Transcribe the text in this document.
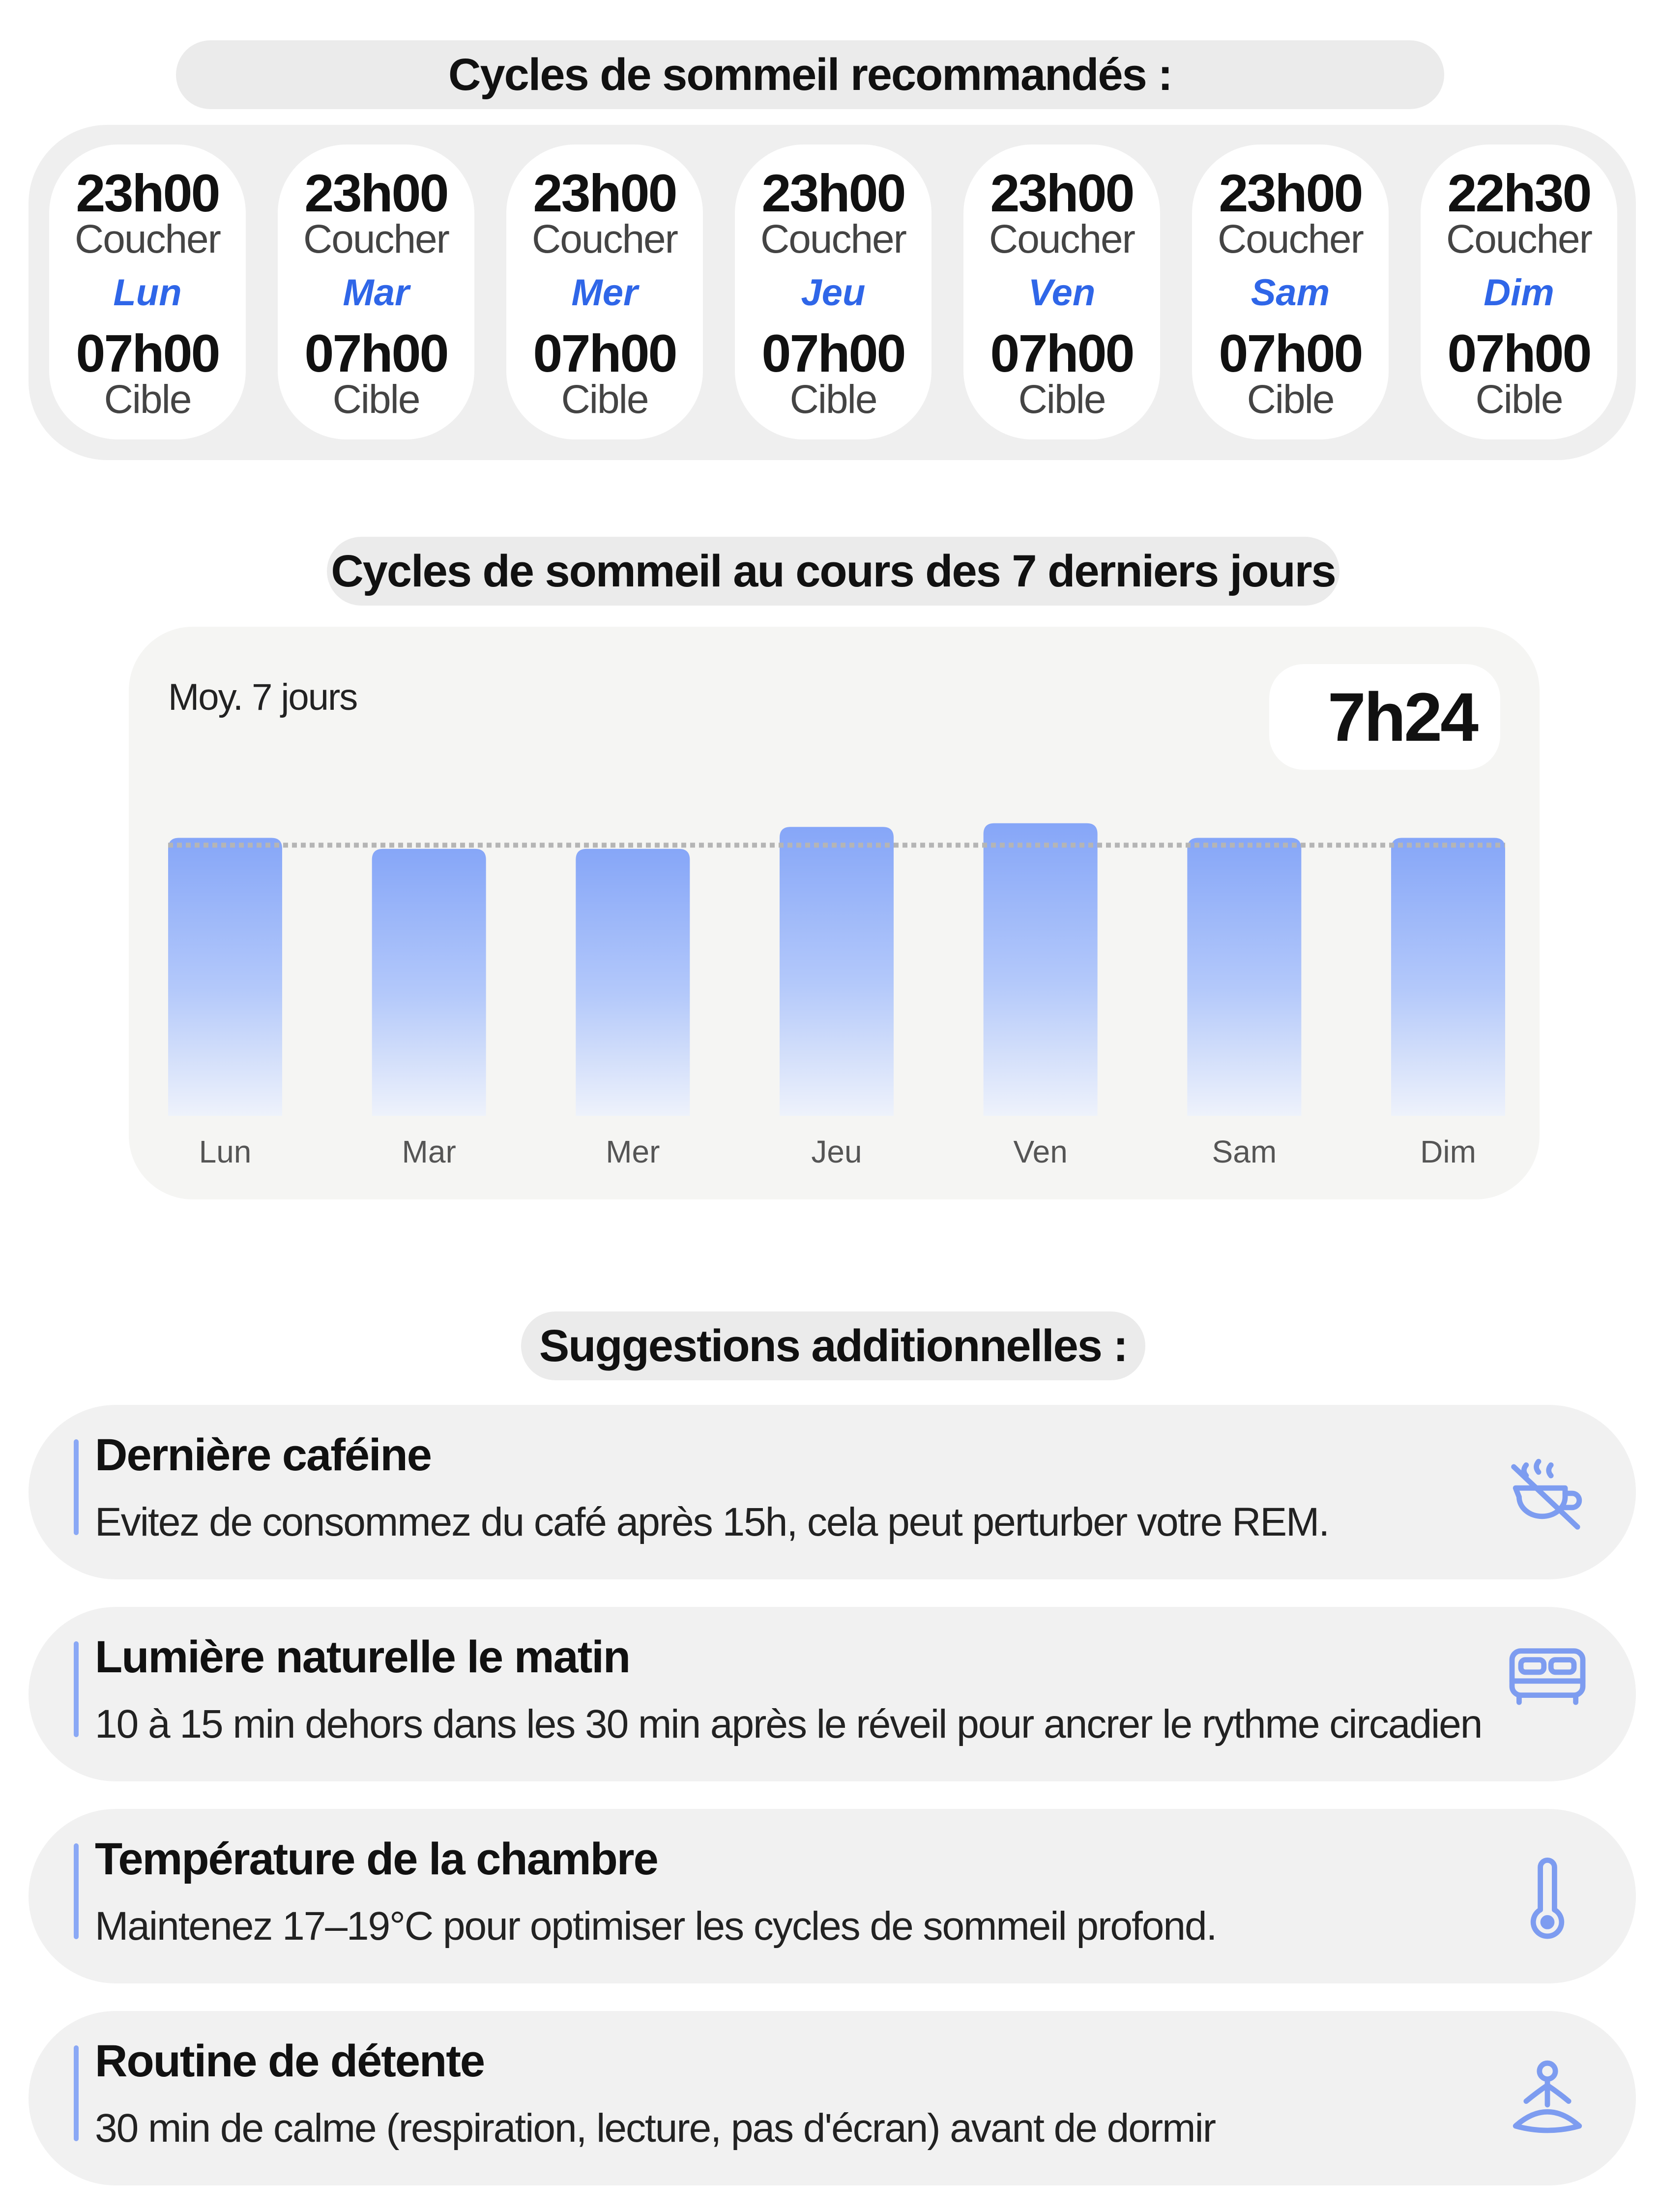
Cycles de sommeil recommandés :
23h00
Coucher
Lun
07h00
Cible
23h00
Coucher
Mar
07h00
Cible
23h00
Coucher
Mer
07h00
Cible
23h00
Coucher
Jeu
07h00
Cible
23h00
Coucher
Ven
07h00
Cible
23h00
Coucher
Sam
07h00
Cible
22h30
Coucher
Dim
07h00
Cible
Cycles de sommeil au cours des 7 derniers jours
Moy. 7 jours	7h24
Lun	Mar	Mer	Jeu	Ven	Sam	Dim
Suggestions additionnelles :
Dernière caféine
Evitez de consommez du café après 15h, cela peut perturber votre REM.
Lumière naturelle le matin
10 à 15 min dehors dans les 30 min après le réveil pour ancrer le rythme circadien
Température de la chambre
Maintenez 17–19°C pour optimiser les cycles de sommeil profond.
Routine de détente
30 min de calme (respiration, lecture, pas d'écran) avant de dormir
